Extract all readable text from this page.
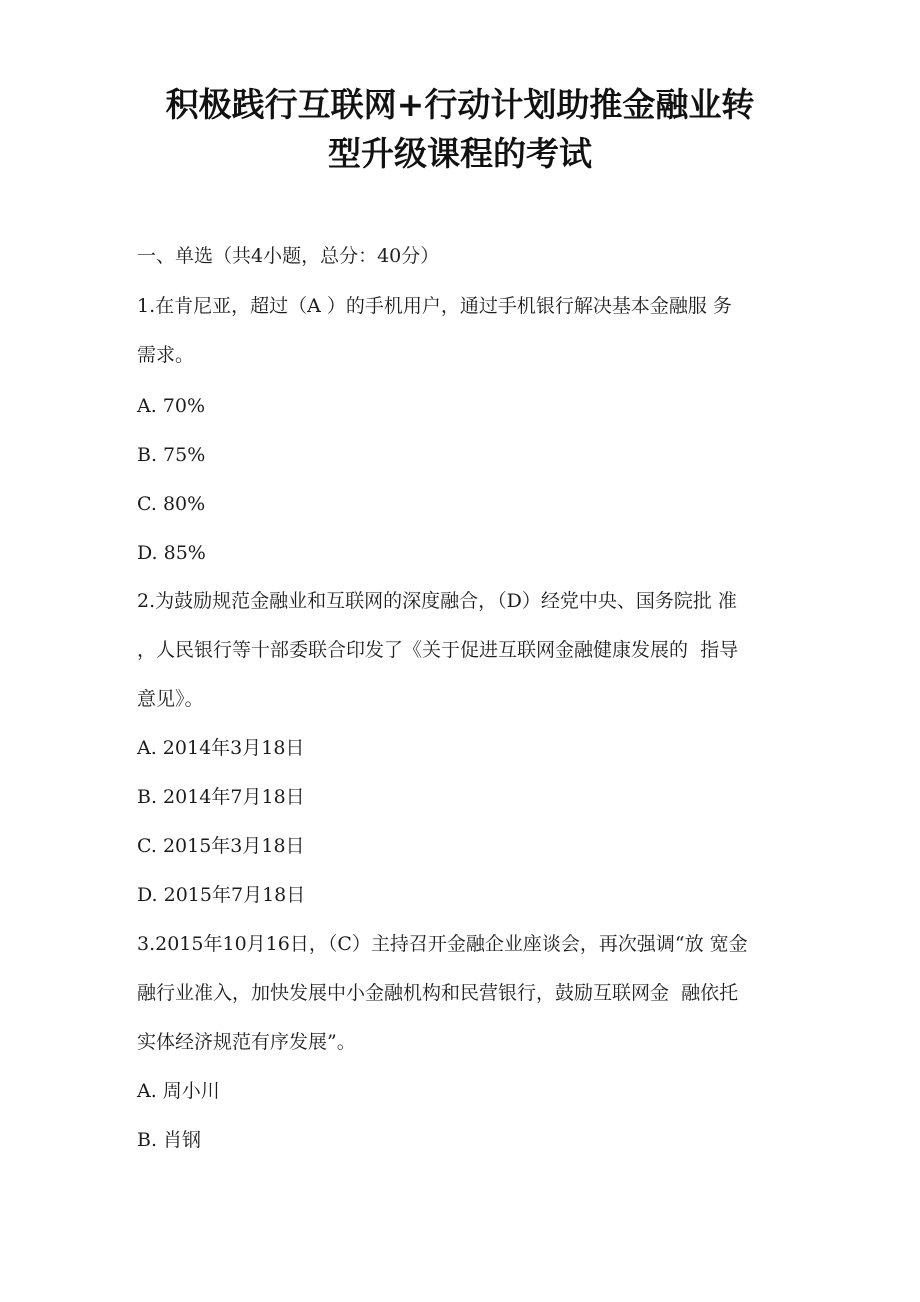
积极践行互联网+行动计划助推金融业转
型升级课程的考试
一、单选（共4小题，总分：40分）
1.在肯尼亚，超过（A ）的手机用户，通过手机银行解决基本金融服 务
需求。
A. 70%
B. 75%
C. 80%
D. 85%
2.为鼓励规范金融业和互联网的深度融合，（D）经党中央、国务院批 准
，人民银行等十部委联合印发了《关于促进互联网金融健康发展的  指导
意见》。
A. 2014年3月18日
B. 2014年7月18日
C. 2015年3月18日
D. 2015年7月18日
3.2015年10月16日，（C）主持召开金融企业座谈会，再次强调“放 宽金
融行业准入，加快发展中小金融机构和民营银行，鼓励互联网金  融依托
实体经济规范有序发展”。
A. 周小川
B. 肖钢
